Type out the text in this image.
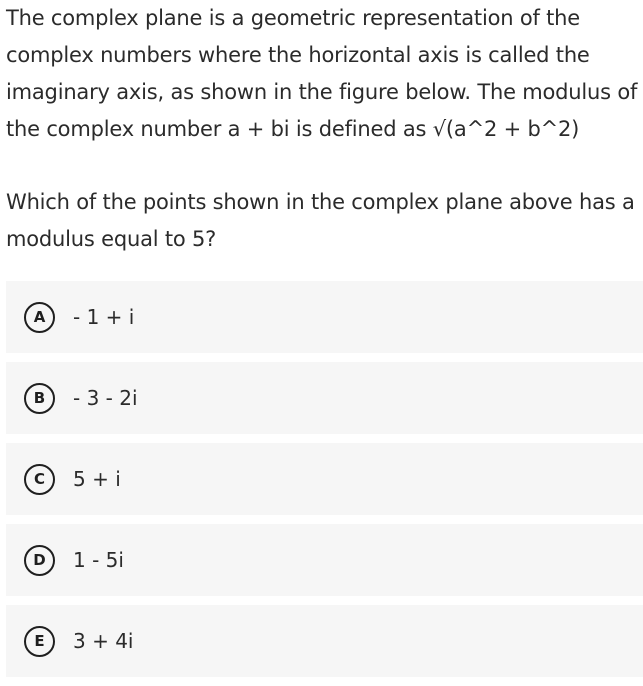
The complex plane is a geometric representation of the complex numbers where the horizontal axis is called the imaginary axis, as shown in the figure below. The modulus of the complex number a + bi is defined as √(a^2 + b^2)

Which of the points shown in the complex plane above has a modulus equal to 5?

A	- 1 + i
B	- 3 - 2i
C	5 + i
D	1 - 5i
E	3 + 4i
